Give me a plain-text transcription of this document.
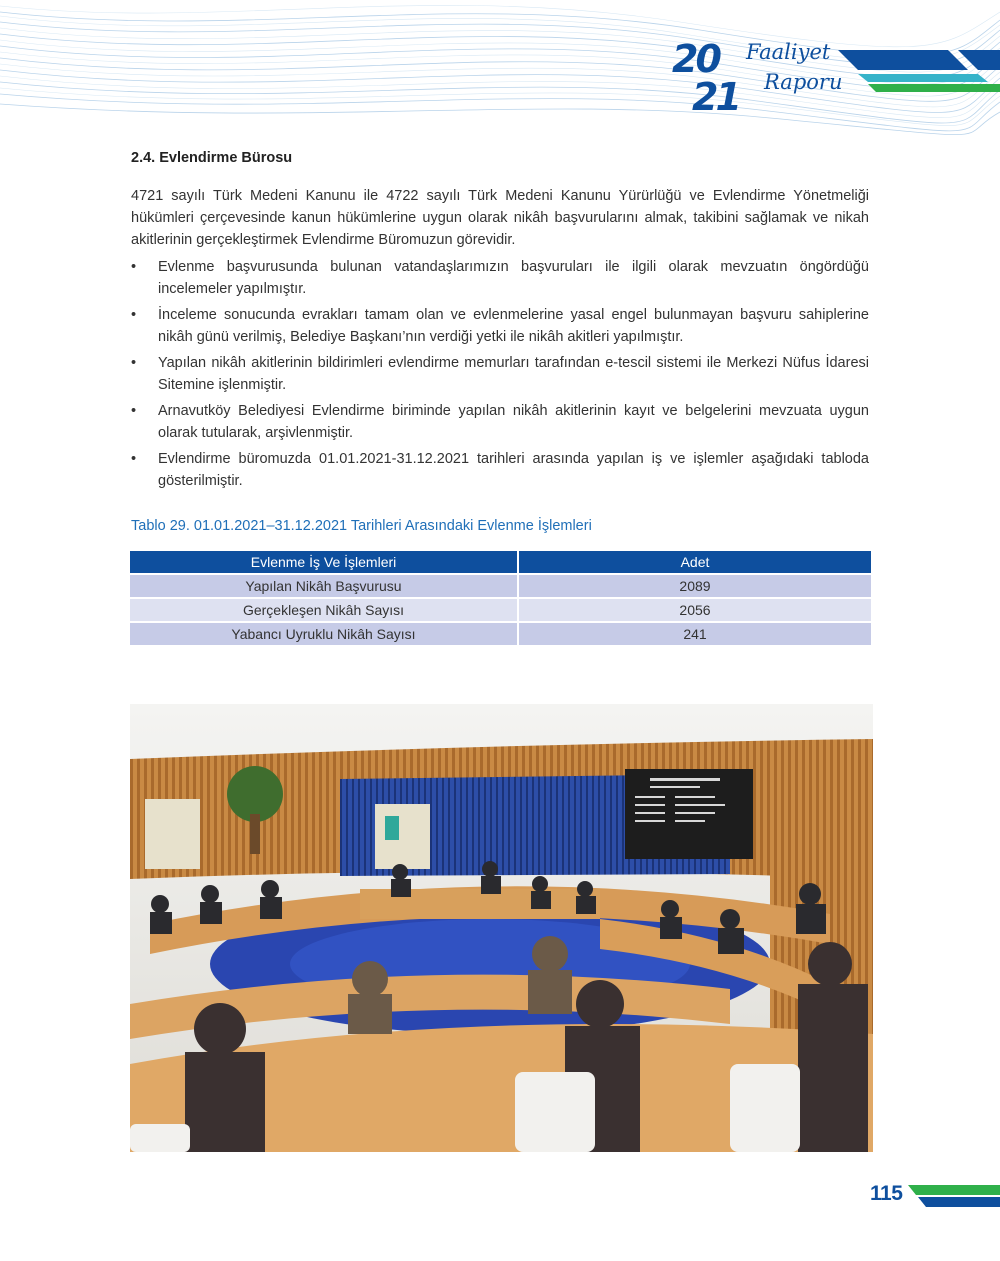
20
21
Faaliyet
Raporu
2.4. Evlendirme Bürosu

4721 sayılı Türk Medeni Kanunu ile 4722 sayılı Türk Medeni Kanunu Yürürlüğü ve Evlendirme Yönetmeliği hükümleri çerçevesinde kanun hükümlerine uygun olarak nikâh başvurularını almak, takibini sağlamak ve nikah akitlerinin gerçekleştirmek Evlendirme Büromuzun görevidir.

• Evlenme başvurusunda bulunan vatandaşlarımızın başvuruları ile ilgili olarak mevzuatın öngördüğü incelemeler yapılmıştır.
• İnceleme sonucunda evrakları tamam olan ve evlenmelerine yasal engel bulunmayan başvuru sahiplerine nikâh günü verilmiş, Belediye Başkanı’nın verdiği yetki ile nikâh akitleri yapılmıştır.
• Yapılan nikâh akitlerinin bildirimleri evlendirme memurları tarafından e-tescil sistemi ile Merkezi Nüfus İdaresi Sitemine işlenmiştir.
• Arnavutköy Belediyesi Evlendirme biriminde yapılan nikâh akitlerinin kayıt ve belgelerini mevzuata uygun olarak tutularak, arşivlenmiştir.
• Evlendirme büromuzda 01.01.2021-31.12.2021 tarihleri arasında yapılan iş ve işlemler aşağıdaki tabloda gösterilmiştir.
Tablo 29. 01.01.2021–31.12.2021 Tarihleri Arasındaki Evlenme İşlemleri
Evlenme İş Ve İşlemleri	Adet
Yapılan Nikâh Başvurusu	2089
Gerçekleşen Nikâh Sayısı	2056
Yabancı Uyruklu Nikâh Sayısı	241
115
